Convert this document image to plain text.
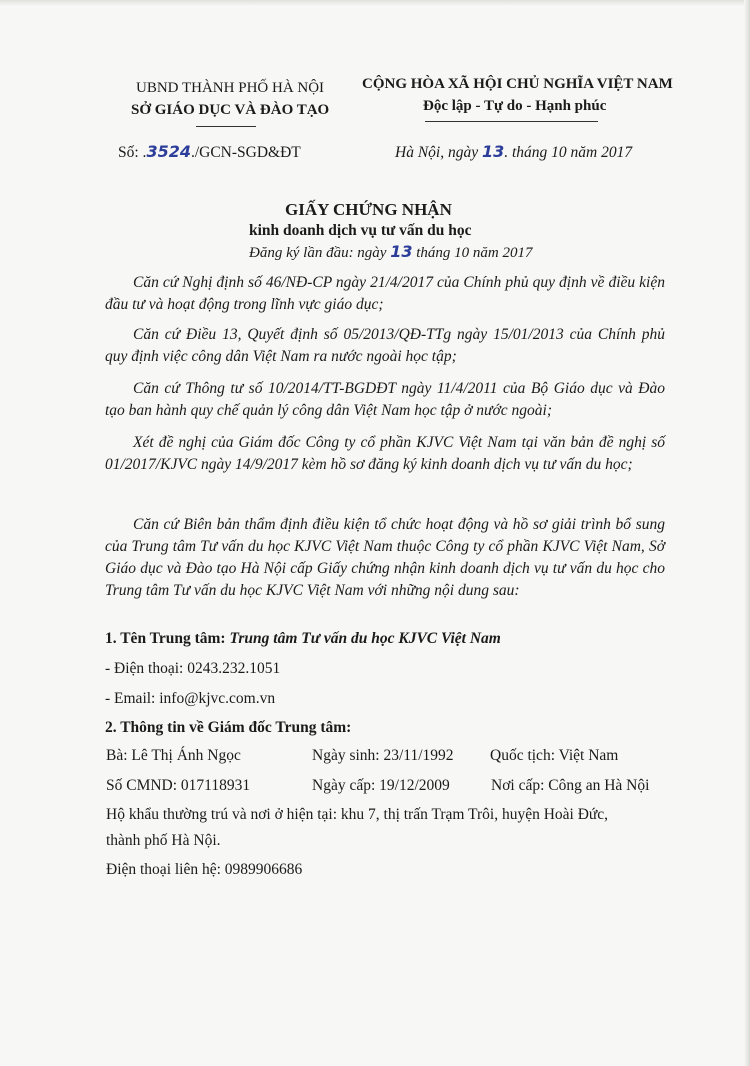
UBND THÀNH PHỐ HÀ NỘI
SỞ GIÁO DỤC VÀ ĐÀO TẠO
CỘNG HÒA XÃ HỘI CHỦ NGHĨA VIỆT NAM
Độc lập - Tự do - Hạnh phúc
Số: .3524./GCN-SGD&ĐT	Hà Nội, ngày 13. tháng 10 năm 2017
GIẤY CHỨNG NHẬN
kinh doanh dịch vụ tư vấn du học
Đăng ký lần đầu: ngày 13 tháng 10 năm 2017
Căn cứ Nghị định số 46/NĐ-CP ngày 21/4/2017 của Chính phủ quy định về điều kiện đầu tư và hoạt động trong lĩnh vực giáo dục;
Căn cứ Điều 13, Quyết định số 05/2013/QĐ-TTg ngày 15/01/2013 của Chính phủ quy định việc công dân Việt Nam ra nước ngoài học tập;
Căn cứ Thông tư số 10/2014/TT-BGDĐT ngày 11/4/2011 của Bộ Giáo dục và Đào tạo ban hành quy chế quản lý công dân Việt Nam học tập ở nước ngoài;
Xét đề nghị của Giám đốc Công ty cổ phần KJVC Việt Nam tại văn bản đề nghị số 01/2017/KJVC ngày 14/9/2017 kèm hồ sơ đăng ký kinh doanh dịch vụ tư vấn du học;
Căn cứ Biên bản thẩm định điều kiện tổ chức hoạt động và hồ sơ giải trình bổ sung của Trung tâm Tư vấn du học KJVC Việt Nam thuộc Công ty cổ phần KJVC Việt Nam, Sở Giáo dục và Đào tạo Hà Nội cấp Giấy chứng nhận kinh doanh dịch vụ tư vấn du học cho Trung tâm Tư vấn du học KJVC Việt Nam với những nội dung sau:
1. Tên Trung tâm: Trung tâm Tư vấn du học KJVC Việt Nam
- Điện thoại: 0243.232.1051
- Email: info@kjvc.com.vn
2. Thông tin về Giám đốc Trung tâm:
Bà: Lê Thị Ánh Ngọc	Ngày sinh: 23/11/1992 Quốc tịch: Việt Nam
Số CMND: 017118931	Ngày cấp: 19/12/2009	Nơi cấp: Công an Hà Nội
Hộ khẩu thường trú và nơi ở hiện tại: khu 7, thị trấn Trạm Trôi, huyện Hoài Đức,
thành phố Hà Nội.
Điện thoại liên hệ: 0989906686
